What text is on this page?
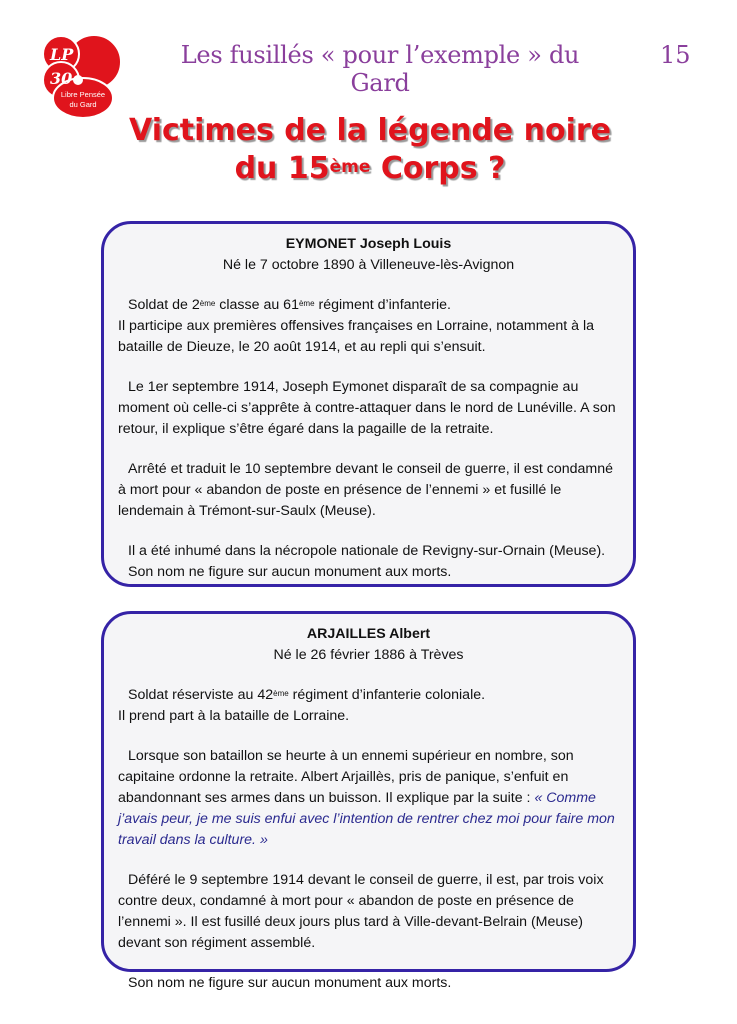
LP
30
Libre Pensée
du Gard
Les fusillés « pour l’exemple » du Gard
15
Victimes de la légende noire
du 15ème Corps ?
EYMONET Joseph Louis
Né le 7 octobre 1890 à Villeneuve-lès-Avignon
Soldat de 2ème classe au 61ème régiment d’infanterie.
Il participe aux premières offensives françaises en Lorraine, notamment à la bataille de Dieuze, le 20 août 1914, et au repli qui s’ensuit.
Le 1er septembre 1914, Joseph Eymonet disparaît de sa compagnie au moment où celle-ci s’apprête à contre-attaquer dans le nord de Lunéville. A son retour, il explique s’être égaré dans la pagaille de la retraite.
Arrêté et traduit le 10 septembre devant le conseil de guerre, il est condamné à mort pour « abandon de poste en présence de l’ennemi » et fusillé le lendemain à Trémont-sur-Saulx (Meuse).
Il a été inhumé dans la nécropole nationale de Revigny-sur-Ornain (Meuse).
Son nom ne figure sur aucun monument aux morts.
ARJAILLES Albert
Né le 26 février 1886 à Trèves
Soldat réserviste au 42ème régiment d’infanterie coloniale.
Il prend part à la bataille de Lorraine.
Lorsque son bataillon se heurte à un ennemi supérieur en nombre, son capitaine ordonne la retraite. Albert Arjaillès, pris de panique, s’enfuit en abandonnant ses armes dans un buisson. Il explique par la suite : « Comme j’avais peur, je me suis enfui avec l’intention de rentrer chez moi pour faire mon travail dans la culture. »
Déféré le 9 septembre 1914 devant le conseil de guerre, il est, par trois voix contre deux, condamné à mort pour « abandon de poste en présence de l’ennemi ». Il est fusillé deux jours plus tard à Ville-devant-Belrain (Meuse) devant son régiment assemblé.
Son nom ne figure sur aucun monument aux morts.
